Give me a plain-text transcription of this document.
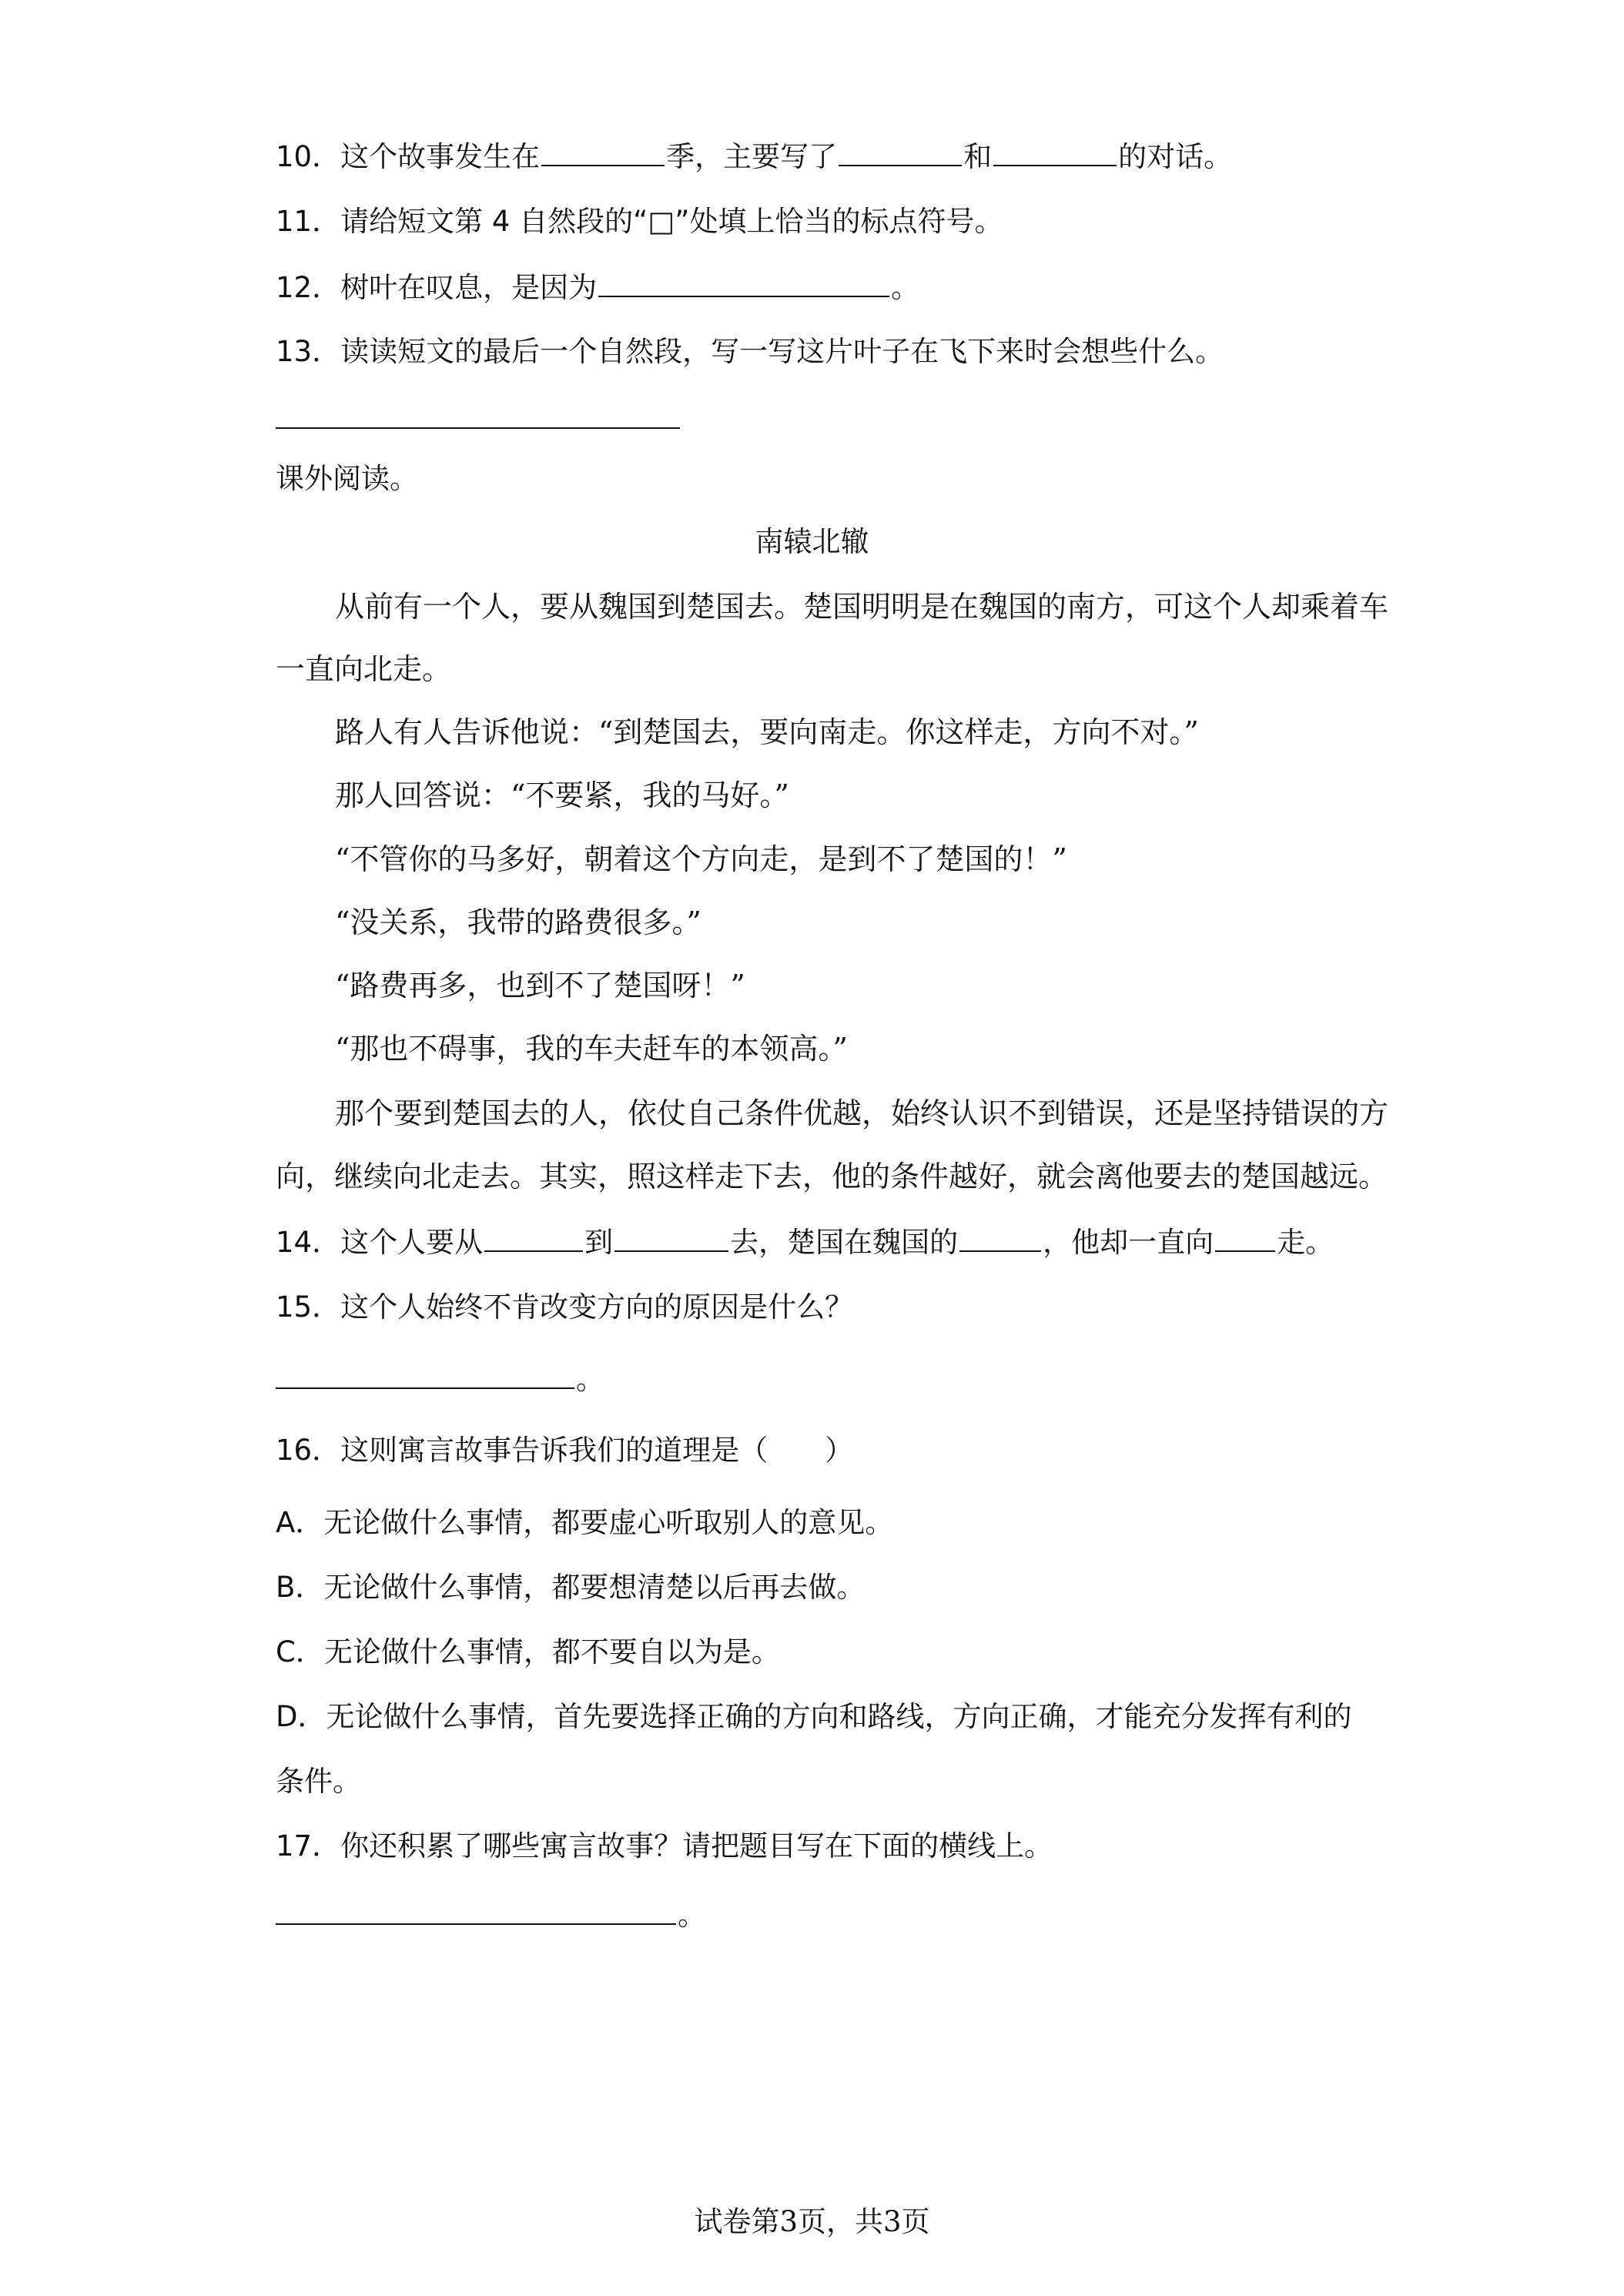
10．这个故事发生在	季，主要写了	和	的对话。
11．请给短文第 4 自然段的“□”处填上恰当的标点符号。
12．树叶在叹息，是因为	。
13．读读短文的最后一个自然段，写一写这片叶子在飞下来时会想些什么。
课外阅读。
南辕北辙
从前有一个人，要从魏国到楚国去。楚国明明是在魏国的南方，可这个人却乘着车
一直向北走。
路人有人告诉他说：“到楚国去，要向南走。你这样走，方向不对。”
那人回答说：“不要紧，我的马好。”
“不管你的马多好，朝着这个方向走，是到不了楚国的！”
“没关系，我带的路费很多。”
“路费再多，也到不了楚国呀！”
“那也不碍事，我的车夫赶车的本领高。”
那个要到楚国去的人，依仗自己条件优越，始终认识不到错误，还是坚持错误的方
向，继续向北走去。其实，照这样走下去，他的条件越好，就会离他要去的楚国越远。
14．这个人要从	到	去，楚国在魏国的	，他却一直向 走。
15．这个人始终不肯改变方向的原因是什么？
。
16．这则寓言故事告诉我们的道理是（　　）
A．无论做什么事情，都要虚心听取别人的意见。
B．无论做什么事情，都要想清楚以后再去做。
C．无论做什么事情，都不要自以为是。
D．无论做什么事情，首先要选择正确的方向和路线，方向正确，才能充分发挥有利的
条件。
17．你还积累了哪些寓言故事？请把题目写在下面的横线上。
。
试卷第3页，共3页
